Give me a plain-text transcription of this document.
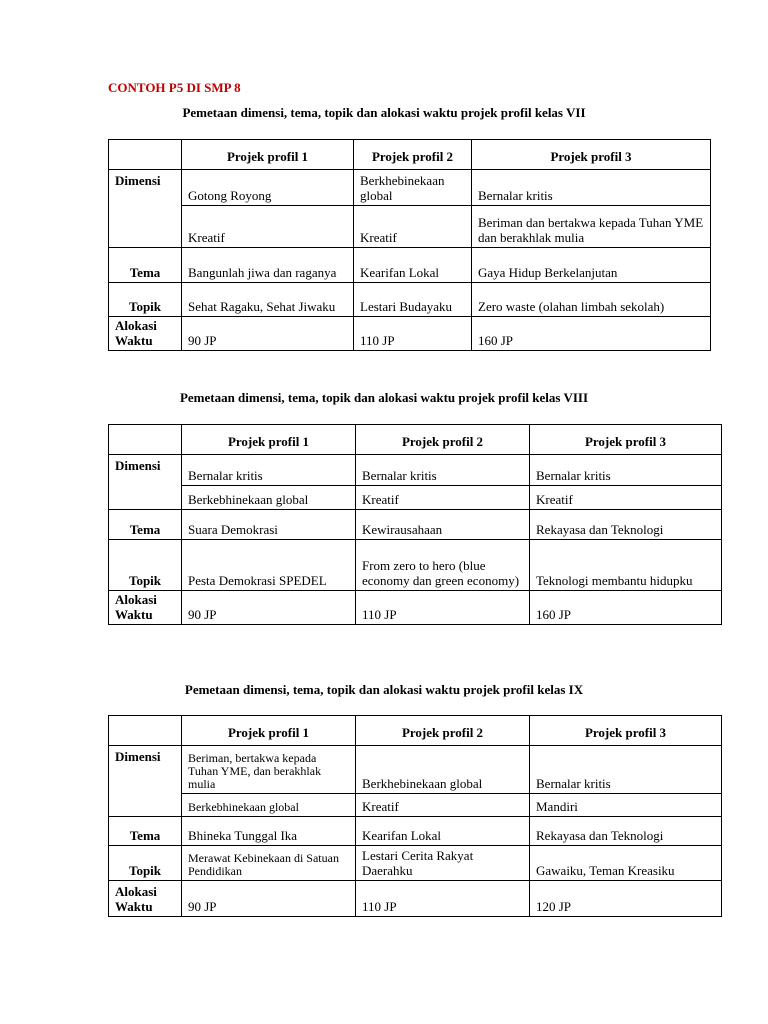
CONTOH P5 DI SMP 8
Pemetaan dimensi, tema, topik dan alokasi waktu projek profil kelas VII
	Projek profil 1	Projek profil 2	Projek profil 3
Dimensi	Gotong Royong	Berkhebinekaan global	Bernalar kritis
	Kreatif	Kreatif	Beriman dan bertakwa kepada Tuhan YME dan berakhlak mulia
Tema	Bangunlah jiwa dan raganya	Kearifan Lokal	Gaya Hidup Berkelanjutan
Topik	Sehat Ragaku, Sehat Jiwaku	Lestari Budayaku	Zero waste (olahan limbah sekolah)
Alokasi Waktu	90 JP	110 JP	160 JP
Pemetaan dimensi, tema, topik dan alokasi waktu projek profil kelas VIII
	Projek profil 1	Projek profil 2	Projek profil 3
Dimensi	Bernalar kritis	Bernalar kritis	Bernalar kritis
	Berkebhinekaan global	Kreatif	Kreatif
Tema	Suara Demokrasi	Kewirausahaan	Rekayasa dan Teknologi
Topik	Pesta Demokrasi SPEDEL	From zero to hero (blue economy dan green economy)	Teknologi membantu hidupku
Alokasi Waktu	90 JP	110 JP	160 JP
Pemetaan dimensi, tema, topik dan alokasi waktu projek profil kelas IX
	Projek profil 1	Projek profil 2	Projek profil 3
Dimensi	Beriman, bertakwa kepada Tuhan YME, dan berakhlak mulia	Berkhebinekaan global	Bernalar kritis

	Berkebhinekaan global	Kreatif	Mandiri
Tema	Bhineka Tunggal Ika	Kearifan Lokal	Rekayasa dan Teknologi
Topik	Merawat Kebinekaan di Satuan Pendidikan	Lestari Cerita Rakyat Daerahku	Gawaiku, Teman Kreasiku
Alokasi Waktu	90 JP	110 JP	120 JP
